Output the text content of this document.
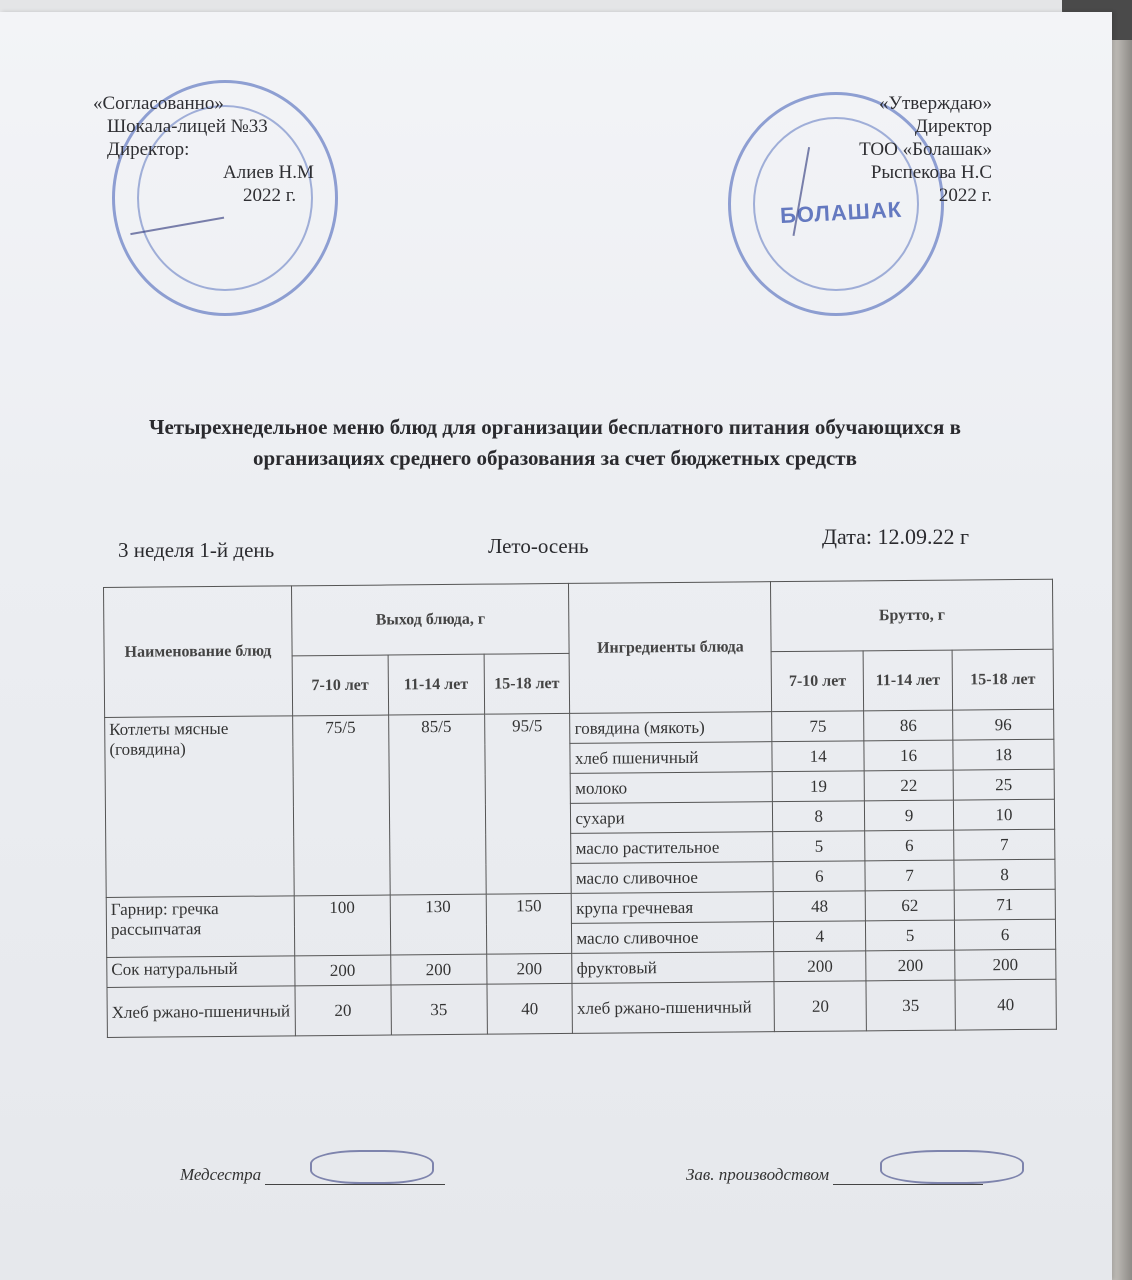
БОЛАШАК
«Согласованно»
Шокала-лицей №33
Директор:
Алиев Н.М
2022 г.
«Утверждаю»
Директор
ТОО «Болашак»
Рыспекова Н.С
2022 г.
Четырехнедельное меню блюд для организации бесплатного питания обучающихся в организациях среднего образования за счет бюджетных средств
3 неделя 1-й день	Лето-осень	Дата: 12.09.22 г
Наименование блюд	Выход блюда, г			Ингредиенты блюда	Брутто, г		
	7-10 лет	11-14 лет	15-18 лет		7-10 лет	11-14 лет	15-18 лет
Котлеты мясные (говядина)	75/5	85/5	95/5	говядина (мякоть)	75	86	96
				хлеб пшеничный	14	16	18
				молоко	19	22	25
				сухари	8	9	10
				масло растительное	5	6	7
				масло сливочное	6	7	8
Гарнир: гречка рассыпчатая	100	130	150	крупа гречневая	48	62	71
				масло сливочное	4	5	6
Сок натуральный	200	200	200	фруктовый	200	200	200
Хлеб ржано-пшеничный	20	35	40	хлеб ржано-пшеничный	20	35	40
Медсестра	Зав. производством
